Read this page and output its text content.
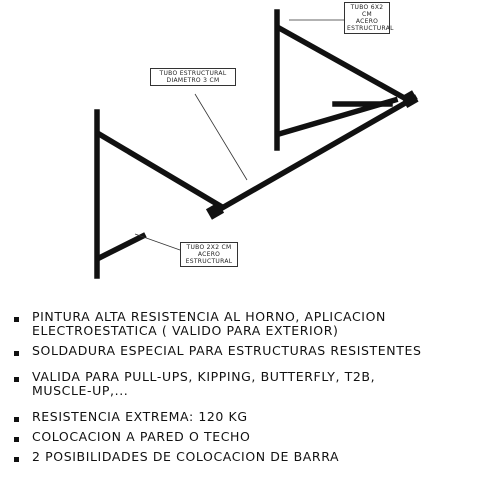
TUBO 6X2 CM
ACERO
ESTRUCTURAL
TUBO ESTRUCTURAL
DIAMETRO 3 CM
TUBO 2X2 CM
ACERO
ESTRUCTURAL
PINTURA ALTA RESISTENCIA AL HORNO, APLICACION
ELECTROESTATICA ( VALIDO PARA EXTERIOR)
SOLDADURA ESPECIAL PARA ESTRUCTURAS RESISTENTES
VALIDA PARA PULL-UPS, KIPPING, BUTTERFLY, T2B,
MUSCLE-UP,...
RESISTENCIA EXTREMA: 120 KG
COLOCACION A PARED O TECHO
2 POSIBILIDADES DE COLOCACION DE BARRA
